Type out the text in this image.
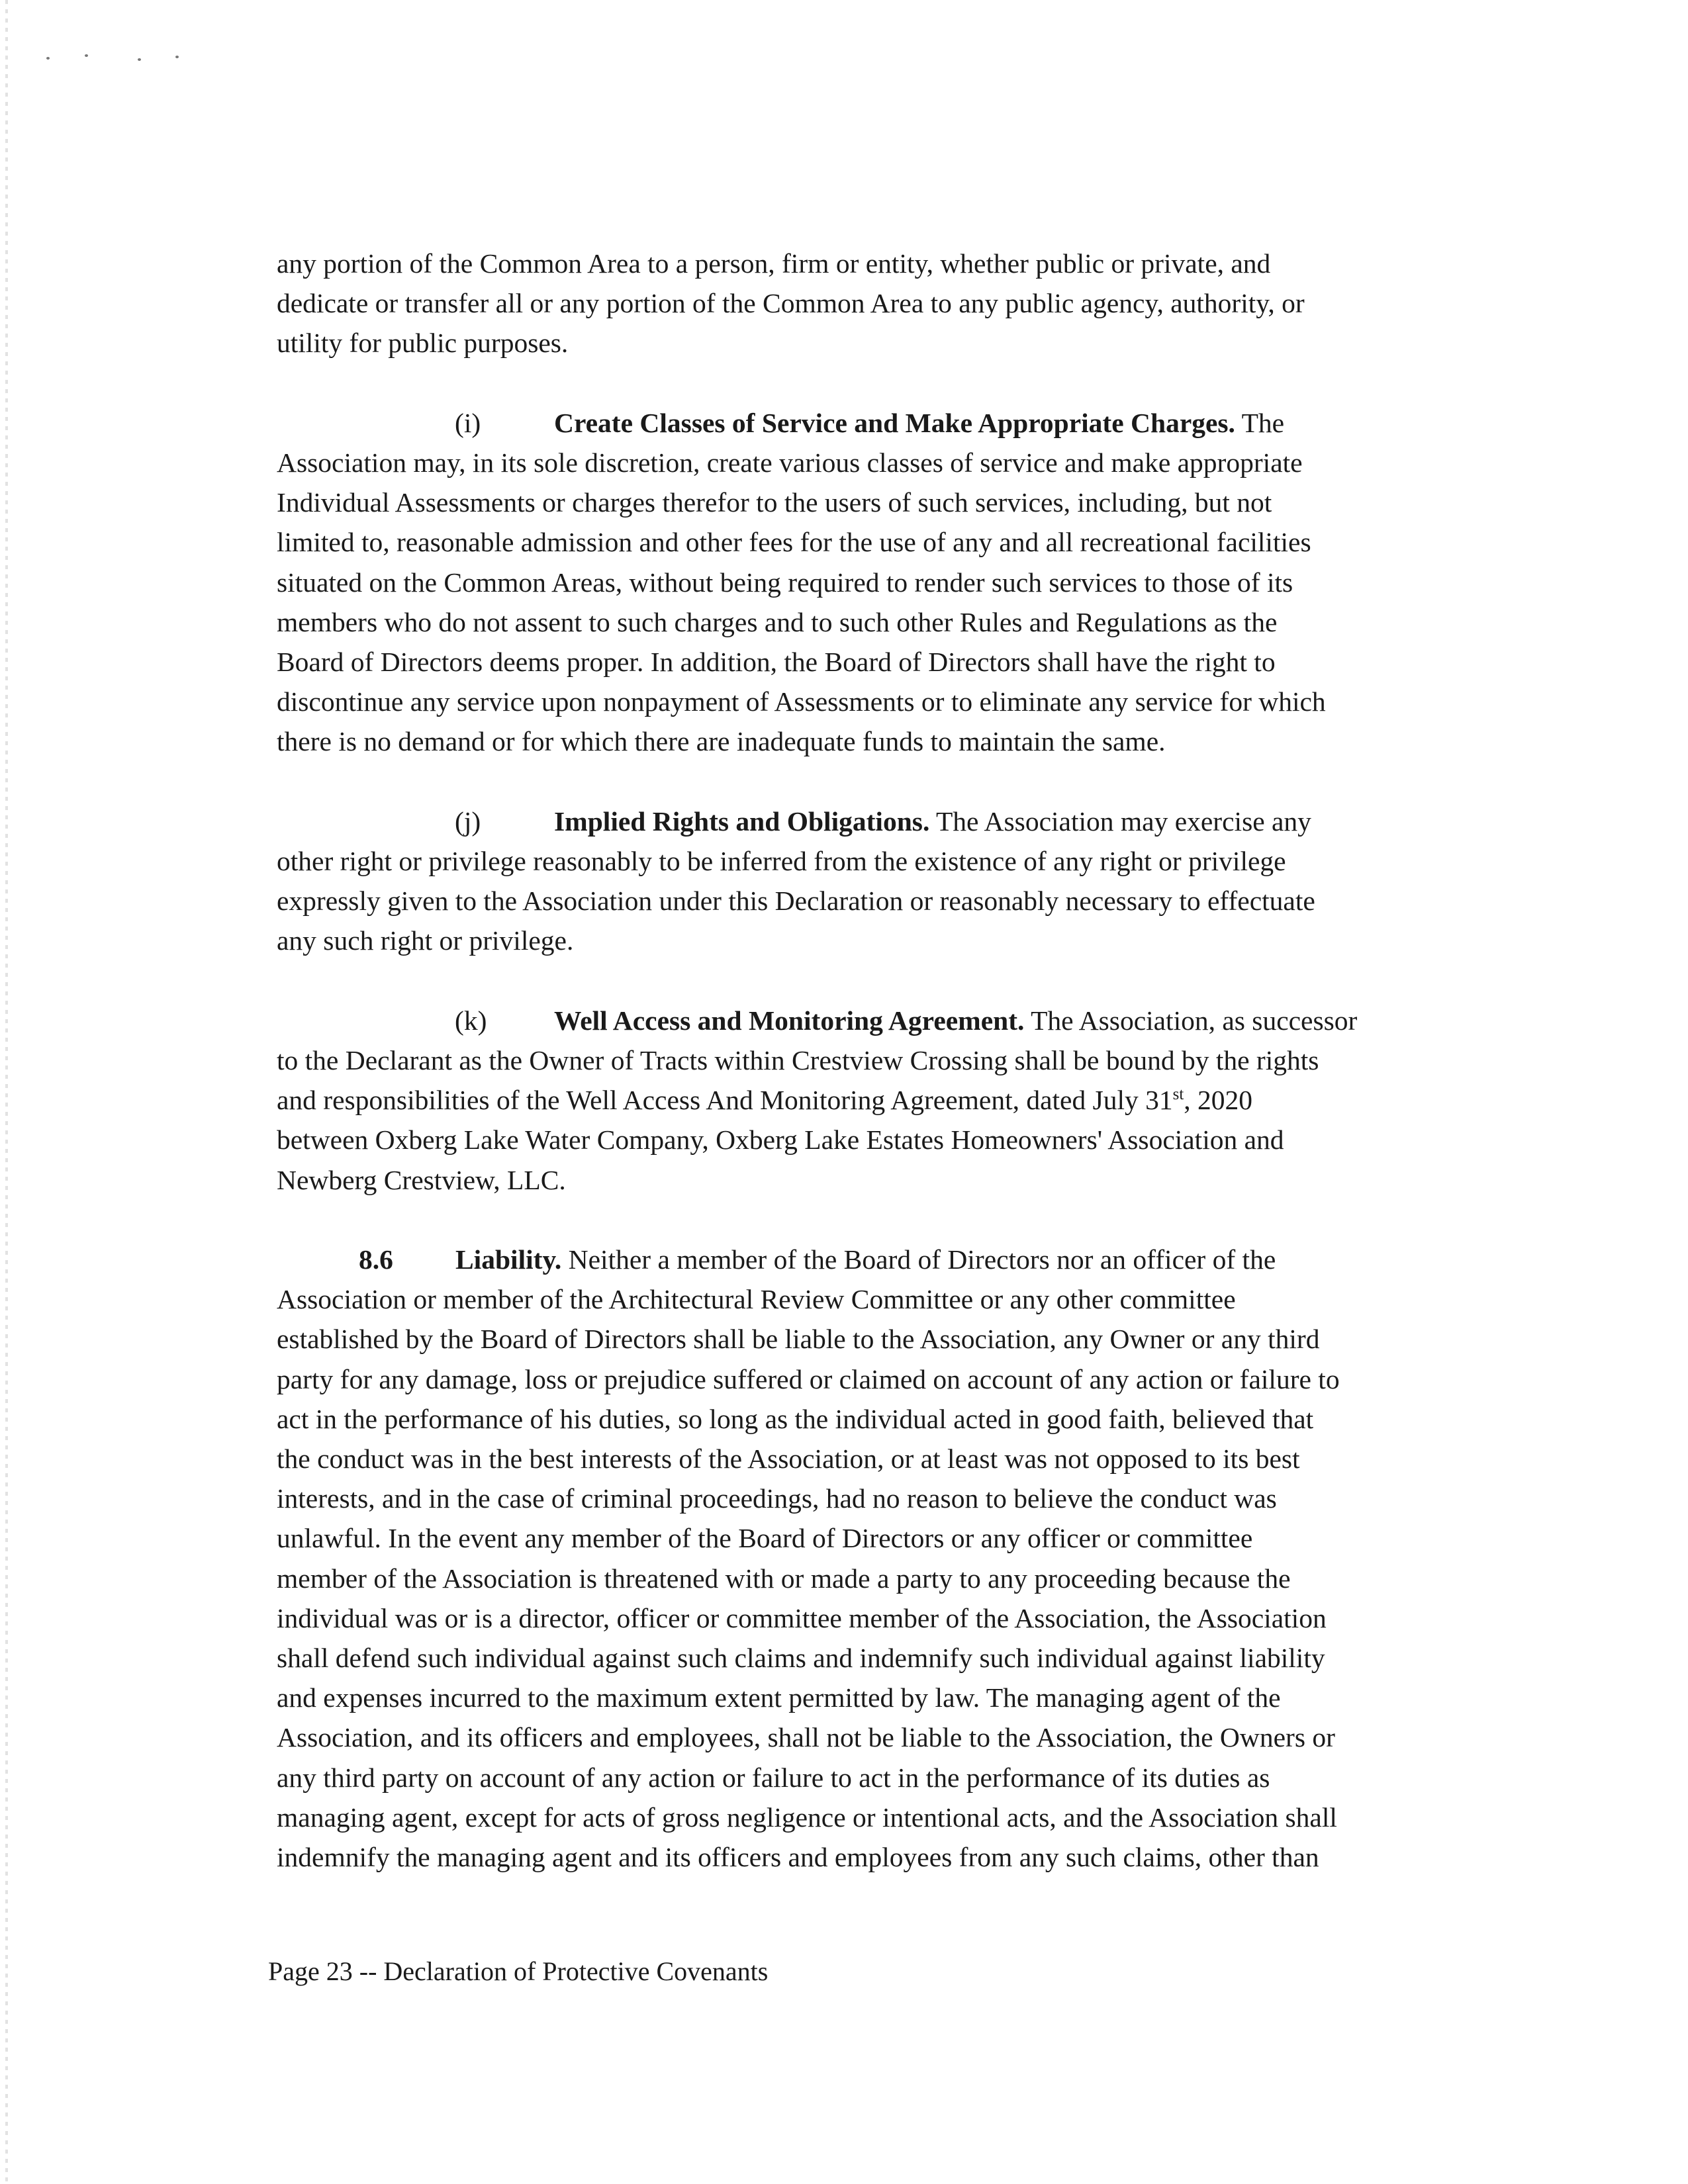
any portion of the Common Area to a person, firm or entity, whether public or private, and
dedicate or transfer all or any portion of the Common Area to any public agency, authority, or
utility for public purposes.

(i)	Create Classes of Service and Make Appropriate Charges. The
Association may, in its sole discretion, create various classes of service and make appropriate
Individual Assessments or charges therefor to the users of such services, including, but not
limited to, reasonable admission and other fees for the use of any and all recreational facilities
situated on the Common Areas, without being required to render such services to those of its
members who do not assent to such charges and to such other Rules and Regulations as the
Board of Directors deems proper. In addition, the Board of Directors shall have the right to
discontinue any service upon nonpayment of Assessments or to eliminate any service for which
there is no demand or for which there are inadequate funds to maintain the same.

(j)	Implied Rights and Obligations. The Association may exercise any
other right or privilege reasonably to be inferred from the existence of any right or privilege
expressly given to the Association under this Declaration or reasonably necessary to effectuate
any such right or privilege.

(k) Well Access and Monitoring Agreement. The Association, as successor
to the Declarant as the Owner of Tracts within Crestview Crossing shall be bound by the rights
and responsibilities of the Well Access And Monitoring Agreement, dated July 31st, 2020
between Oxberg Lake Water Company, Oxberg Lake Estates Homeowners' Association and
Newberg Crestview, LLC.

8.6 Liability. Neither a member of the Board of Directors nor an officer of the
Association or member of the Architectural Review Committee or any other committee
established by the Board of Directors shall be liable to the Association, any Owner or any third
party for any damage, loss or prejudice suffered or claimed on account of any action or failure to
act in the performance of his duties, so long as the individual acted in good faith, believed that
the conduct was in the best interests of the Association, or at least was not opposed to its best
interests, and in the case of criminal proceedings, had no reason to believe the conduct was
unlawful. In the event any member of the Board of Directors or any officer or committee
member of the Association is threatened with or made a party to any proceeding because the
individual was or is a director, officer or committee member of the Association, the Association
shall defend such individual against such claims and indemnify such individual against liability
and expenses incurred to the maximum extent permitted by law. The managing agent of the
Association, and its officers and employees, shall not be liable to the Association, the Owners or
any third party on account of any action or failure to act in the performance of its duties as
managing agent, except for acts of gross negligence or intentional acts, and the Association shall
indemnify the managing agent and its officers and employees from any such claims, other than

Page 23 -- Declaration of Protective Covenants
